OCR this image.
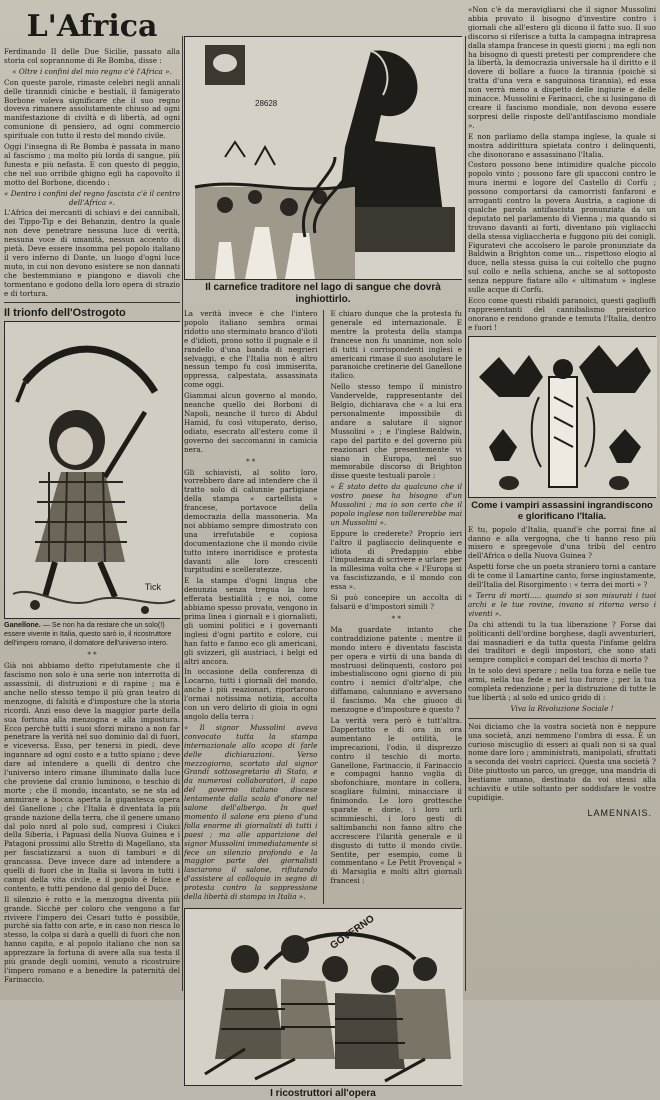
L'Africa

Ferdinando II delle Due Sicilie, passato alla storia col soprannome di Re Bomba, disse :

« Oltre i confini del mio regno c'è l'Africa ».

Con queste parole, rimaste celebri negli annali delle tirannidi ciniche e bestiali, il famigerato Borbone voleva significare che il suo regno doveva rimanere assolutamente chiuso ad ogni manifestazione di civiltà e di libertà, ad ogni comunione di pensiero, ad ogni commercio spirituale con tutto il resto del mondo civile.

Oggi l'insegna di Re Bomba è passata in mano al fascismo ; ma molto più lorda di sangue, più funesta e più nefasta. E con questo di peggio, che nel suo orribile ghigno egli ha capovolto il motto del Borbone, dicendo :

« Dentro i confini del regno fascista c'è il centro dell'Africa ».

L'Africa dei mercanti di schiavi e dei cannibali, dei Tippo-Tip e dei Behanzin, dentro la quale non deve penetrare nessuna luce di verità, nessuna voce di umanità, nessun accento di pietà. Deve essere insomma pel popolo italiano il vero inferno di Dante, un luogo d'ogni luce muto, in cui non devono esistere se non dannati che bestemmiano e piangono e diavoli che tormentano e godono della loro opera di strazio e di tortura.

Il trionfo dell'Ostrogoto
Tick
Ganellone. — Se non ha da restare che un solo(!) essere vivente in Italia, questo sarò io, il ricostruttore dell'impero romano, il domatore dell'universo intero.
* *

Già noi abbiamo detto ripetutamente che il fascismo non solo è una serie non interrotta di assassinii, di distruzioni e di rapine ; ma è anche nello stesso tempo il più gran teatro di menzogne, di falsità e d'imposture che la storia ricordi. Anzi esso deve la maggior parte della sua fortuna alla menzogna e alla impostura. Ecco perchè tutti i suoi sforzi mirano a non far penetrare la verità nel suo dominio dal di fuori, e viceversa. Esso, per tenersi in piedi, deve ingannare ad ogni costo e a tutto spiano ; deve dare ad intendere a quelli di dentro che l'universo intero rimane illuminato dalla luce che proviene dal cranio luminoso, o teschio di morte ; che il mondo, incantato, se ne sta ad ammirare a bocca aperta la gigantesca opera del Ganellone ; che l'Italia è diventata la più grande nazione della terra, che il genere umano dal polo nord al polo sud, compresi i Ciukci della Siberia, i Papuasi della Nuova Guinea e i Patagoni prossimi allo Stretto di Magellano, sta per fasciatizzarsi a suon di tamburi e di grancassa. Deve invece dare ad intendere a quelli di fuori che in Italia si lavora in tutti i campi della vita civile, e il popolo è felice e contento, e tutti pendono dal genio del Duce.

Il silenzio è rotto e la menzogna diventa più grande. Sicchè per coloro che vengono a far rivivere l'impero dei Cesari tutto è possibile, purchè sia fatto con arte, e in caso non riesca lo stesso, la colpa si darà a quelli di fuori che non hanno capito, e al popolo italiano che non sa apprezzare la fortuna di avere alla sua testa il più grande degli uomini, venuto a ricostruire l'impero romano e a benedire la paternità del Farinaccio.

28628
Il carnefice traditore nel lago di sangue che dovrà inghiottirlo.

La verità invece è che l'intero popolo italiano sembra ormai ridotto uno sterminato branco d'iloti e d'idioti, prono sotto il pugnale e il randello d'una banda di negrieri selvaggi, e che l'Italia non è altro nessun tempo fu così immiserita, oppressa, calpestata, assassinata come oggi.

Giammai alcun governo al mondo, neanche quello dei Borboni di Napoli, neanche il turco di Abdul Hamid, fu così vituperato, deriso, odiato, esecrato all'estero come il governo dei saccomanni in camicia nera.

* *

Gli schiavisti, al solito loro, vorrebbero dare ad intendere che il tratto solo di calunnie partigiane della stampa « cartellista » francese, portavoce della democrazia della massoneria. Ma noi abbiamo sempre dimostrato con una irrefutabile e copiosa documentazione che il mondo civile tutto intero inorridisce e protesta davanti alle loro crescenti turpitudini e scelleratezze.

E la stampa d'ogni lingua che denunzia senza tregua la loro efferata bestialità ; e noi, come abbiamo spesso provato, vengono in prima linea i giornali e i giornalisti, gli uomini politici e i governanti inglesi d'ogni partito e colore, cui han fatto e fanno eco gli americani, gli svizzeri, gli austriaci, i belgi ed altri ancora.

In occasione della conferenza di Locarno, tutti i giornali del mondo, anche i più reazionari, riportarono l'ormai notissima notizia, accolta con un vero delirio di gioia in ogni angolo della terra :

« Il signor Mussolini aveva convocato tutta la stampa internazionale allo scopo di farle delle dichiarazioni. Verso mezzogiorno, scortato dal signor Grandi sottosegretario di Stato, e da numerosi collaboratori, il capo del governo italiano discese lentamente dalla scala d'onore nel salone dell'albergo. In quel momento il salone era pieno d'una folla enorme di giornalisti di tutti i paesi ; ma alle apparizione del signor Mussolini immediatamente si fece un silenzio profondo e la maggior parte dei giornalisti lasciarono il salone, rifiutando d'assistere al colloquio in segno di protesta contro la soppressione della libertà di stampa in Italia ».

E chiaro dunque che la protesta fu generale ed internazionale. E mentre la protesta della stampa francese non fu unanime, non solo di tutti i corrispondenti inglesi e americani rimase il suo asolutare le paranoiche cretinerie del Ganellone italico.

Nello stesso tempo il ministro Vandervelde, rappresentante del Belgio, dichiarava che « a lui era personalmente impossibile di andare a salutare il signor Mussolini » ; e l'inglese Baldwin, capo del partito e del governo più reazionari che presentemente vi siano in Europa, nel suo memorabile discorso di Brighton disse queste testuali parole :

« È stato detto da qualcuno che il vostro paese ha bisogno d'un Mussolini ; ma io son certo che il popolo inglese non tollererebbe mai un Mussolini ».

Eppure lo crederete? Proprio ieri l'altro il pagliaccio delinquente e idiota di Predappio ebbe l'impudenza di scrivere e urlare per la millesima volta che « l'Europa si va fascistizzando, e il mondo con essa ».

Si può concepire un accolta di falsarii e d'impostori simili ?

* *

Ma guardate intanto che contraddizione patente : mentre il mondo intero è diventato fascista per opera e virtù di una banda di mostruosi delinquenti, costoro poi imbestialiscono ogni giorno di più contro i nemici d'oltr'alpe, che diffamano, calunniano e avversano il fascismo. Ma che giuoco di menzogne e d'imposture è questo ?

La verità vera però è tutt'altra. Dappertutto e di ora in ora aumentano le ostilità, le imprecazioni, l'odio, il disprezzo contro il teschio di morto. Ganellone, Farinaccio, il Farinaccio e compagni hanno voglia di sbofonchiare, montare in collera, scagliare fulmini, minacciare il finimondo. Le loro grottesche sparate e dorie, i loro urli scimmieschi, i loro gesti di saltimbanchi non fanno altro che accrescere l'ilarità generale e il disgusto di tutto il mondo civile. Sentite, per esempio, come li commentano « Le Petit Provençal » di Marsiglia e molti altri giornali francesi :

GOVERNO
I ricostruttori all'opera

«Non c'è da meravigliarsi che il signor Mussolini abbia provato il bisogno d'investire contro i giornali che all'estero gli dicono il fatto suo. Il suo discorso si riferisce a tutta la campagna intrapresa dalla stampa francese in questi giorni ; ma egli non ha bisogno di questi pretesti per comprendere che la libertà, la democrazia universale ha il diritto e il dovere di bollare a fuoco la tirannia (poichè si tratta d'una vera e sanguinosa tirannia), ed essa non verrà meno a dispetto delle ingiurie e delle minacce. Mussolini e Farinacci, che si lusingano di creare il fascismo mondiale, non devono essere sorpresi delle risposte dell'antifascismo mondiale ».

E non parliamo della stampa inglese, la quale si mostra addirittura spietata contro i delinquenti, che disonorano e assassinano l'Italia.

Costoro possono bene intimidire qualche piccolo popolo vinto ; possono fare gli spacconi contro le mura inermi e logore del Castello di Corfù ; possono comportarsi da camorristi fanfaroni e arroganti contro la povera Austria, a cagione di qualche parola antifascista pronunziata da un deputato nel parlamento di Vienna ; ma quando si trovano davanti ai forti, diventano più vigliacchi della stessa vigliaccheria e fuggono più dei conigli. Figuratevi che accolsero le parole pronunziate da Baldwin a Brighton come un... rispettoso elogio al duce, nella stessa guisa la cui coltello che pugno sul collo e nella schiena, anche se al sottoposto senza neppure fiatare allo « ultimatum » inglese sulle acque di Corfù.

Ecco come questi ribaldi paranoici, questi gaglioffi rappresentanti del cannibalismo preistorico onorano e rendono grande e temuta l'Italia, dentro e fuori !

Come i vampiri assassini ingrandiscono e glorificano l'Italia.

E tu, popolo d'Italia, quand'è che porrai fine al danno e alla vergogna, che ti hanno reso più misero e spregevole d'una tribù del centro dell'Africa o della Nuova Guinea ?

Aspetti forse che un poeta straniero torni a cantare di te come il Lamartine canto, forse ingiustamente, dell'Italia del Risorgimento : « terra dei morti » ?

« Terra di morti..... quando si son misurati i tuoi archi e le tue rovine, invano si ritorna verso i viventi ».

Da chi attendi tu la tua liberazione ? Forse dai politicanti dell'ordine borghese, dagli avventurieri, dai masnadieri e da tutta questa l'infame geldra dei traditori e degli impostori, che sono stati sempre complici e compari del teschio di morto ?

In te solo devi sperare ; nella tua forza e nelle tue armi, nella tua fede e nel tuo furore ; per la tua completa redenzione ; per la distruzione di tutte le tue libertà ; al solo ed unico grido di :

Viva la Rivoluzione Sociale !

Noi diciamo che la vostra società non è neppure una società, anzi nemmeno l'ombra di essa. È un curioso miscuglio di esseri ai quali non si sa qual nome dare loro ; amministrati, manipolati, sfruttati a seconda dei vostri capricci. Questa una società ? Dite piuttosto un parco, un gregge, una mandria di bestiame umano, destinato da voi stessi alla schiavitù e utile soltanto per soddisfare le vostre cupidigie.

LAMENNAIS.
